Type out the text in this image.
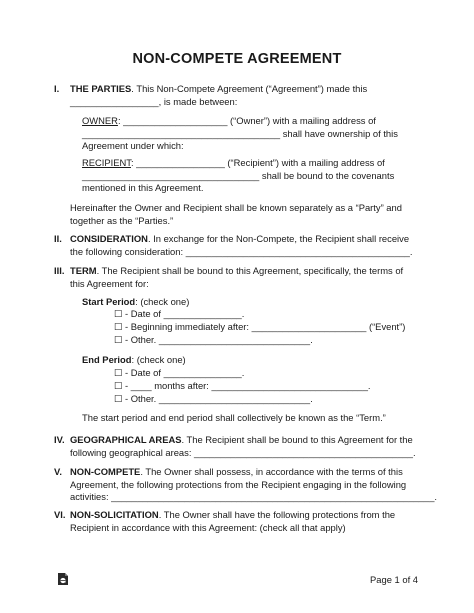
NON-COMPETE AGREEMENT
I. THE PARTIES. This Non-Compete Agreement (“Agreement”) made this
_________________, is made between:
OWNER: ____________________ (“Owner”) with a mailing address of
______________________________________ shall have ownership of this
Agreement under which:
RECIPIENT: _________________ (“Recipient”) with a mailing address of
__________________________________ shall be bound to the covenants
mentioned in this Agreement.
Hereinafter the Owner and Recipient shall be known separately as a “Party” and
together as the “Parties.”
II. CONSIDERATION. In exchange for the Non-Compete, the Recipient shall receive
the following consideration: ___________________________________________.
III. TERM. The Recipient shall be bound to this Agreement, specifically, the terms of
this Agreement for:
Start Period: (check one)
☐ - Date of _______________.
☐ - Beginning immediately after: ______________________ (“Event”)
☐ - Other. _____________________________.
End Period: (check one)
☐ - Date of _______________.
☐ - ____ months after: ______________________________.
☐ - Other. _____________________________.
The start period and end period shall collectively be known as the “Term.”
IV. GEOGRAPHICAL AREAS. The Recipient shall be bound to this Agreement for the
following geographical areas: __________________________________________.
V. NON-COMPETE. The Owner shall possess, in accordance with the terms of this
Agreement, the following protections from the Recipient engaging in the following
activities: ______________________________________________________________.
VI. NON-SOLICITATION. The Owner shall have the following protections from the
Recipient in accordance with this Agreement: (check all that apply)
Page 1 of 4
